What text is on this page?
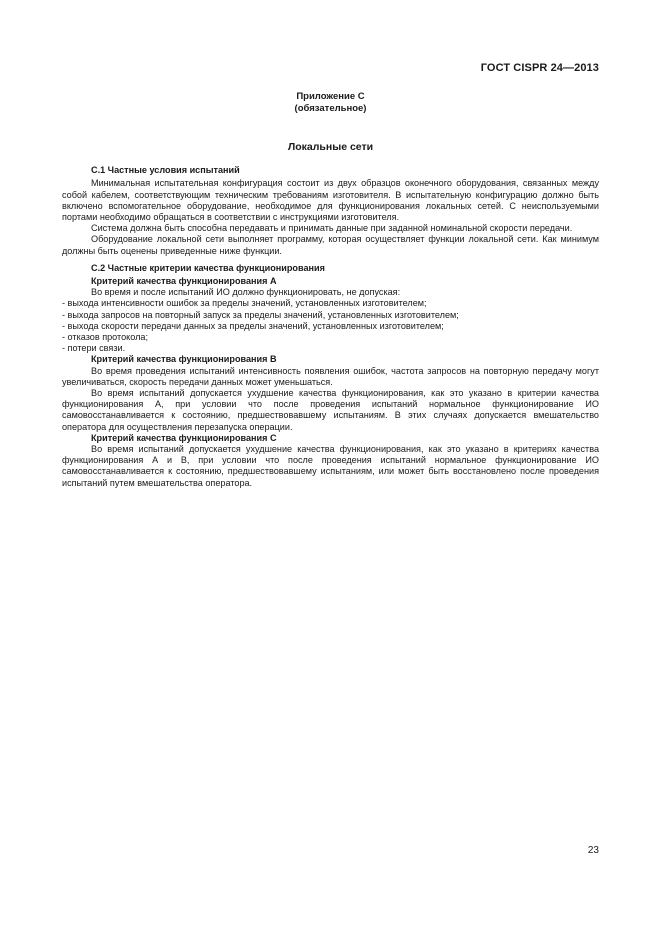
ГОСТ CISPR 24—2013
Приложение С
(обязательное)
Локальные сети
С.1 Частные условия испытаний

Минимальная испытательная конфигурация состоит из двух образцов оконечного оборудования, связанных между собой кабелем, соответствующим техническим требованиям изготовителя. В испытательную конфигурацию должно быть включено вспомогательное оборудование, необходимое для функционирования локальных сетей. С неиспользуемыми портами необходимо обращаться в соответствии с инструкциями изготовителя.

Система должна быть способна передавать и принимать данные при заданной номинальной скорости передачи.

Оборудование локальной сети выполняет программу, которая осуществляет функции локальной сети. Как минимум должны быть оценены приведенные ниже функции.

С.2 Частные критерии качества функционирования
Критерий качества функционирования А

Во время и после испытаний ИО должно функционировать, не допуская:

- выхода интенсивности ошибок за пределы значений, установленных изготовителем;
- выхода запросов на повторный запуск за пределы значений, установленных изготовителем;
- выхода скорости передачи данных за пределы значений, установленных изготовителем;
- отказов протокола;
- потери связи.
Критерий качества функционирования В

Во время проведения испытаний интенсивность появления ошибок, частота запросов на повторную передачу могут увеличиваться, скорость передачи данных может уменьшаться.

Во время испытаний допускается ухудшение качества функционирования, как это указано в критерии качества функционирования А, при условии что после проведения испытаний нормальное функционирование ИО самовосстанавливается к состоянию, предшествовавшему испытаниям. В этих случаях допускается вмешательство оператора для осуществления перезапуска операции.

Критерий качества функционирования С

Во время испытаний допускается ухудшение качества функционирования, как это указано в критериях качества функционирования А и В, при условии что после проведения испытаний нормальное функционирование ИО самовосстанавливается к состоянию, предшествовавшему испытаниям, или может быть восстановлено после проведения испытаний путем вмешательства оператора.

23
